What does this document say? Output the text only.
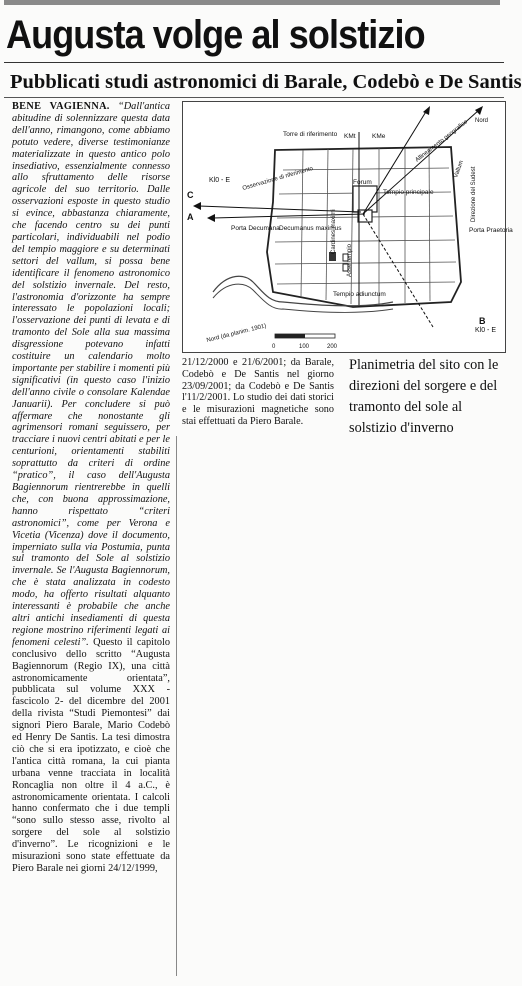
Augusta volge al solstizio
Pubblicati studi astronomici di Barale, Codebò e De Santis

BENE VAGIENNA. “Dall'antica abitudine di solennizzare questa data dell'anno, rimangono, come abbiamo potuto vedere, diverse testimonianze materializzate in questo antico polo insediativo, essenzialmente connesso allo sfruttamento delle risorse agricole del suo territorio. Dalle osservazioni esposte in questo studio si evince, abbastanza chiaramente, che facendo centro su dei punti particolari, individuabili nel podio del tempio maggiore e su determinati settori del vallum, si possa bene identificare il fenomeno astronomico del solstizio invernale. Del resto, l'astronomia d'orizzonte ha sempre interessato le popolazioni locali; l'osservazione dei punti di levata e di tramonto del Sole alla sua massima disgressione potevano infatti costituire un calendario molto importante per stabilire i momenti più significativi (in questo caso l'inizio dell'anno civile o consolare Kalendae Januarii). Per concludere si può affermare che nonostante gli agrimensori romani seguissero, per tracciare i nuovi centri abitati e per le centurioni, orientamenti stabiliti soprattutto da criteri di ordine “pratico”, il caso dell'Augusta Bagiennorum rientrerebbe in quelli che, con buona approssimazione, hanno rispettato “criteri astronomici”, come per Verona e Vicetia (Vicenza) dove il documento, imperniato sulla via Postumia, punta sul tramonto del Sole al solstizio invernale. Se l'Augusta Bagiennorum, che è stata analizzata in codesto modo, ha offerto risultati alquanto interessanti è probabile che anche altri antichi insediamenti di questa regione mostrino riferimenti legati ai fenomeni celesti”. Questo il capitolo conclusivo dello scritto “Augusta Bagiennorum (Regio IX), una città astronomicamente orientata”, pubblicata sul volume XXX -fascicolo 2- del dicembre del 2001 della rivista “Studi Piemontesi” dai signori Piero Barale, Mario Codebò ed Henry De Santis. La tesi dimostra ciò che si era ipotizzato, e cioè che l'antica città romana, la cui pianta urbana venne tracciata in località Roncaglia non oltre il 4 a.C., è astronomicamente orientata. I calcoli hanno confermato che i due templi “sono sullo stesso asse, rivolto al sorgere del sole al solstizio d'inverno”. Le ricognizioni e le misurazioni sono state effettuate da Piero Barale nei giorni 24/12/1999,

Torre di riferimento KMt	KMe	Allineamento geografico Nord
Vallum Direzione del Sudest
Osservazione di riferimento	Forum
Tempio principale
Porta Decumana Decumanus maximus
Cardines maximi
Asse tempio
Porta Praetoria
Tempio adiunctum
Kl0 - E
C
A
B
Kl0 - E
Nord (da planim. 1901)
0	100	200

21/12/2000 e 21/6/2001; da Barale, Codebò e De Santis nel giorno 23/09/2001; da Codebò e De Santis l'11/2/2001. Lo studio dei dati storici e le misurazioni magnetiche sono stai effettuati da Piero Barale.

Planimetria del sito con le direzioni del sorgere e del tramonto del sole al solstizio d'inverno
